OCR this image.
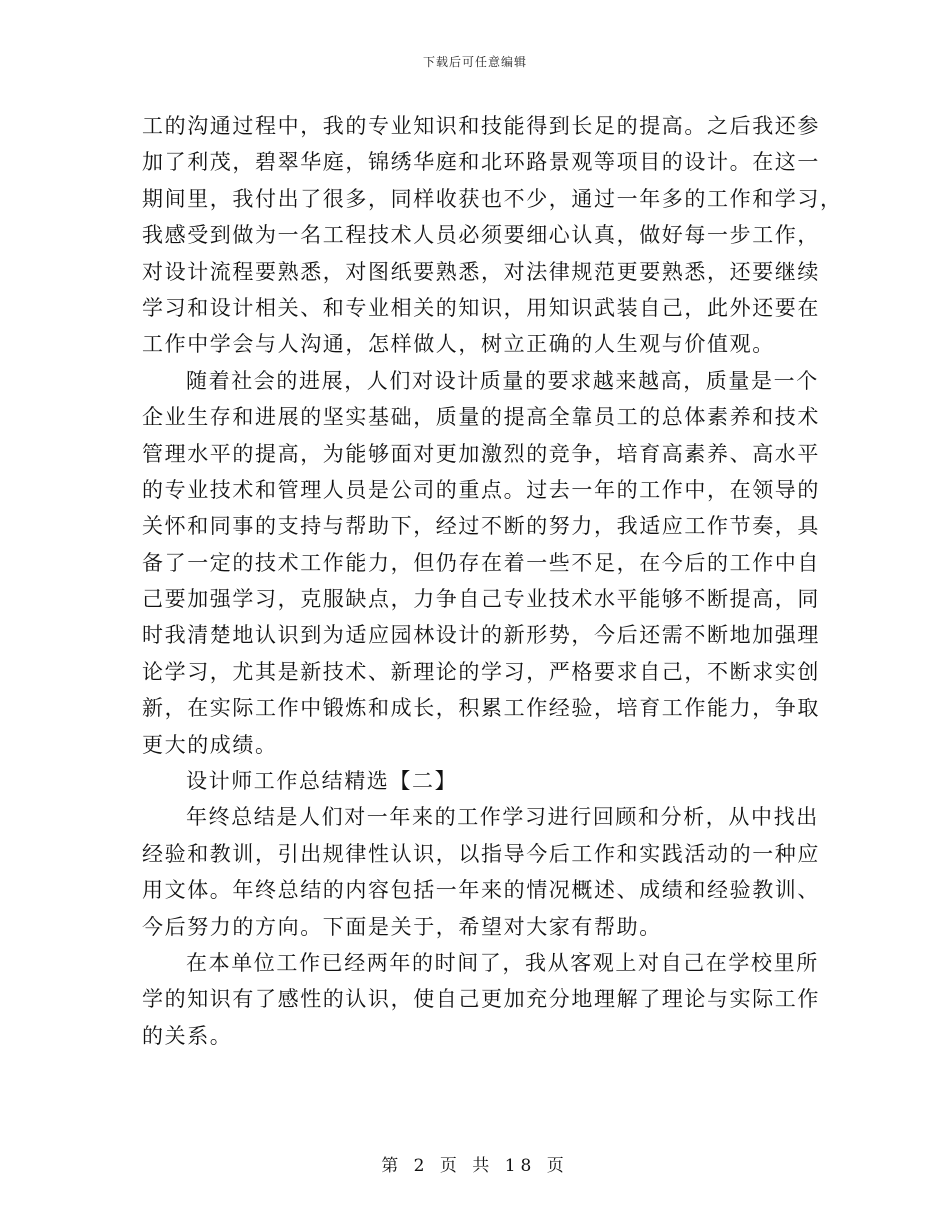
下载后可任意编辑
工的沟通过程中，我的专业知识和技能得到长足的提高。之后我还参
加了利茂，碧翠华庭，锦绣华庭和北环路景观等项目的设计。在这一
期间里，我付出了很多，同样收获也不少，通过一年多的工作和学习，
我感受到做为一名工程技术人员必须要细心认真，做好每一步工作，
对设计流程要熟悉，对图纸要熟悉，对法律规范更要熟悉，还要继续
学习和设计相关、和专业相关的知识，用知识武装自己，此外还要在
工作中学会与人沟通，怎样做人，树立正确的人生观与价值观。
随着社会的进展，人们对设计质量的要求越来越高，质量是一个
企业生存和进展的坚实基础，质量的提高全靠员工的总体素养和技术
管理水平的提高，为能够面对更加激烈的竞争，培育高素养、高水平
的专业技术和管理人员是公司的重点。过去一年的工作中，在领导的
关怀和同事的支持与帮助下，经过不断的努力，我适应工作节奏，具
备了一定的技术工作能力，但仍存在着一些不足，在今后的工作中自
己要加强学习，克服缺点，力争自己专业技术水平能够不断提高，同
时我清楚地认识到为适应园林设计的新形势，今后还需不断地加强理
论学习，尤其是新技术、新理论的学习，严格要求自己，不断求实创
新，在实际工作中锻炼和成长，积累工作经验，培育工作能力，争取
更大的成绩。
设计师工作总结精选【二】
年终总结是人们对一年来的工作学习进行回顾和分析，从中找出
经验和教训，引出规律性认识，以指导今后工作和实践活动的一种应
用文体。年终总结的内容包括一年来的情况概述、成绩和经验教训、
今后努力的方向。下面是关于，希望对大家有帮助。
在本单位工作已经两年的时间了，我从客观上对自己在学校里所
学的知识有了感性的认识，使自己更加充分地理解了理论与实际工作
的关系。
第 2 页 共 18 页
